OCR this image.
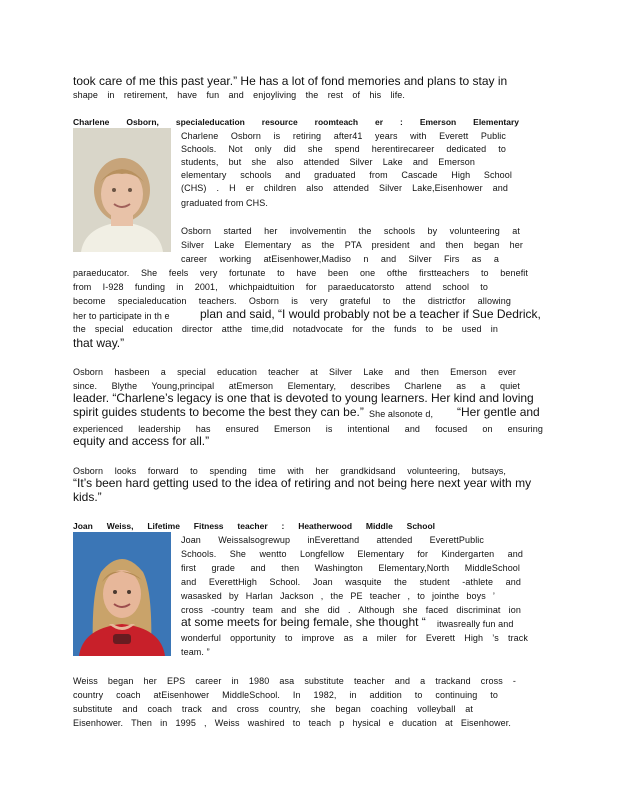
took care of me this past year.” He has a lot of fond memories and plans to stay in
shape in retirement, have fun and enjoyliving the rest of his life.
Charlene Osborn, specialeducation resource roomteach er : Emerson Elementary
Charlene Osborn is retiring after41 years with Everett Public
Schools. Not only did she spend herentirecareer dedicated to
students, but she also attended Silver Lake and Emerson
elementary schools and graduated from Cascade High School
(CHS) . H er children also attended Silver Lake,Eisenhower and
graduated from CHS.
Osborn started her involvementin the schools by volunteering at
Silver Lake Elementary as the PTA president and then began her
career working atEisenhower,Madiso n and Silver Firs as a
paraeducator. She feels very fortunate to have been one ofthe firstteachers to benefit
from I-928 funding in 2001, whichpaidtuition for paraeducatorsto attend school to
become specialeducation teachers. Osborn is very grateful to the districtfor allowing
her to participate in th e	plan and said, “I would probably not be a teacher if Sue Dedrick,
the special education director atthe time,did notadvocate for the funds to be used in
that way.”
Osborn hasbeen a special education teacher at Silver Lake and then Emerson ever
since. Blythe Young,principal atEmerson Elementary, describes Charlene as a quiet
leader. “Charlene’s legacy is one that is devoted to young learners. Her kind and loving
spirit guides students to become the best they can be.” She alsonote d, “Her gentle and
experienced leadership has ensured Emerson is intentional and focused on ensuring
equity and access for all.”
Osborn looks forward to spending time with her grandkidsand volunteering, butsays,
“It’s been hard getting used to the idea of retiring and not being here next year with my
kids.”
Joan Weiss, Lifetime Fitness teacher : Heatherwood Middle School
Joan Weissalsogrewup inEverettand attended EverettPublic
Schools. She wentto Longfellow Elementary for Kindergarten and
first grade and then Washington Elementary,North MiddleSchool
and EverettHigh School. Joan wasquite the student -athlete and
wasasked by Harlan Jackson , the PE teacher , to jointhe boys ’
cross -country team and she did . Although she faced discriminat ion
at some meets for being female, she thought “ itwasreally fun and
wonderful opportunity to improve as a miler for Everett High ’s track
team. ”
Weiss began her EPS career in 1980 asa substitute teacher and a trackand cross -
country coach atEisenhower MiddleSchool. In 1982, in addition to continuing to
substitute and coach track and cross country, she began coaching volleyball at
Eisenhower. Then in 1995 , Weiss washired to teach p hysical e ducation at Eisenhower.
